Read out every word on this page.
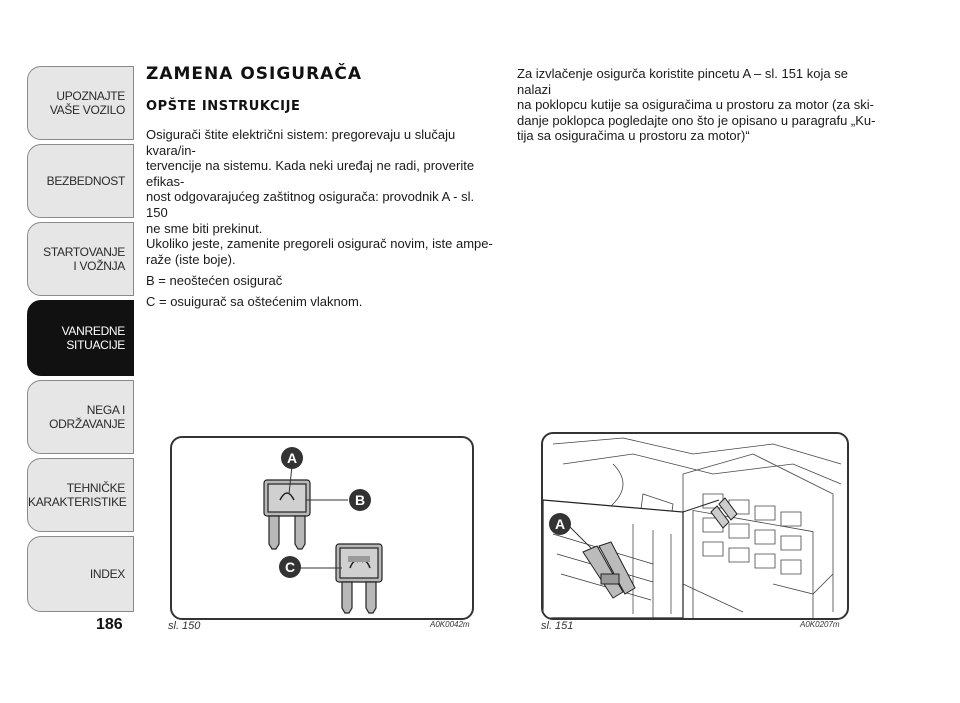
UPOZNAJTE
VAŠE VOZILO
BEZBEDNOST
STARTOVANJE
I VOŽNJA
VANREDNE
SITUACIJE
NEGA I
ODRŽAVANJE
TEHNIČKE
KARAKTERISTIKE
INDEX
186
ZAMENA OSIGURAČA
OPŠTE INSTRUKCIJE

Osigurači štite električni sistem: pregorevaju u slučaju kvara/in-

tervencije na sistemu. Kada neki uređaj ne radi, proverite efikas-

nost odgovarajućeg zaštitnog osigurača: provodnik A - sl. 150

ne sme biti prekinut.

Ukoliko jeste, zamenite pregoreli osigurač novim, iste ampe-

raže (iste boje).

B = neoštećen osigurač

C = osuigurač sa oštećenim vlaknom.

Za izvlačenje osigurča koristite pincetu A – sl. 151 koja se nalazi

na poklopcu kutije sa osiguračima u prostoru za motor (za ski-

danje poklopca pogledajte ono što je opisano u paragrafu „Ku-

tija sa osiguračima u prostoru za motor)“

A
B
C
sl. 150	A0K0042m
A
sl. 151	A0K0207m
